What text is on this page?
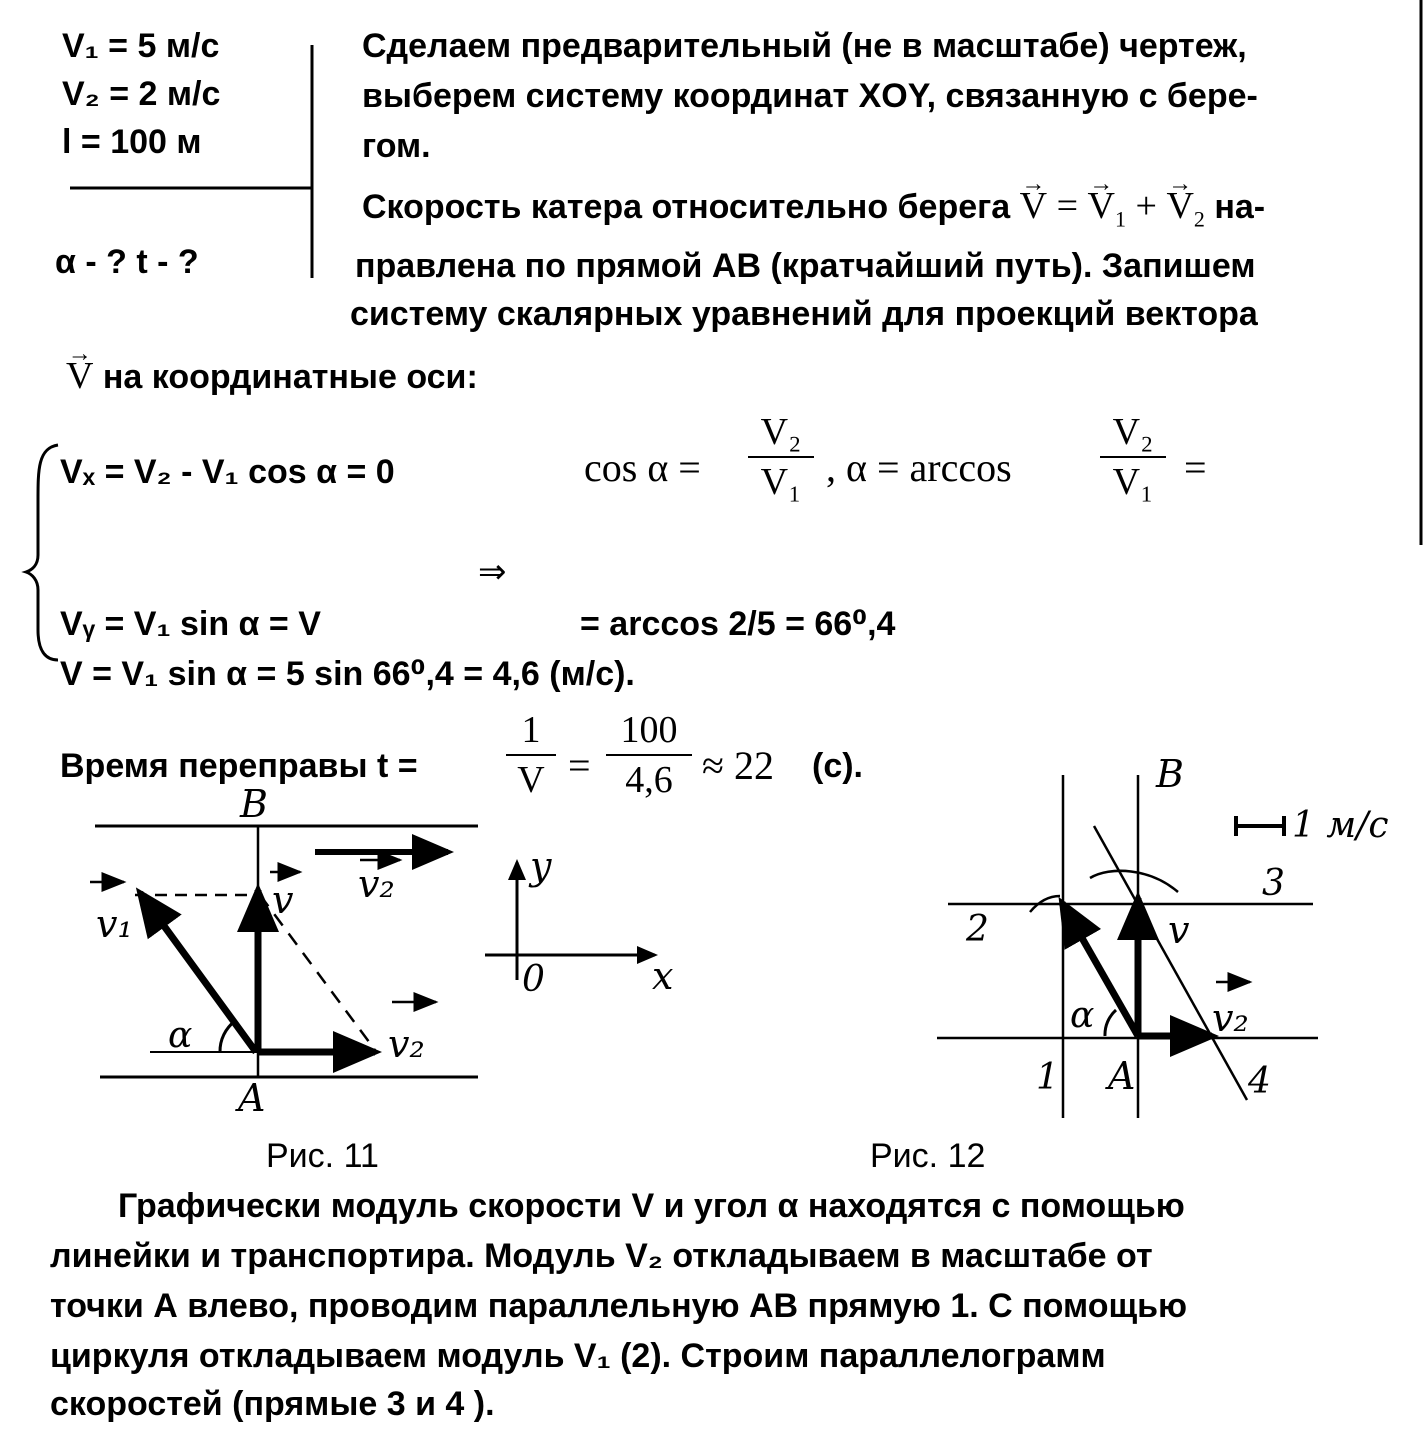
V₁ = 5 м/с
V₂ = 2 м/с
l = 100 м
α - ? t - ?
Сделаем предварительный (не в масштабе) чертеж,
выберем систему координат XOY, связанную с бере-
гом.
Скорость катера относительно берега → V = → $V_1$ + → $V_2$ на-
правлена по прямой АВ (кратчайший путь). Запишем
систему скалярных уравнений для проекций вектора
→ V на координатные оси:
Vₓ = V₂ - V₁ cos α = 0
Vᵧ = V₁ sin α = V
cos α =
V₂
V₁ , α = arccos
V₂
V₁ =
⇒
= arccos 2/5 = 66⁰,4
V = V₁ sin α = 5 sin 66⁰,4 = 4,6 (м/с).
Время переправы t =
1
V =
100
4,6 ≈ 22 (с).
B
v₁
v v₂
α	v₂
A
Рис. 11
y
0	x
B
1 м/с
3
2	v
α	v₂
1 A	4
Рис. 12
Графически модуль скорости V и угол α находятся с помощью
линейки и транспортира. Модуль V₂ откладываем в масштабе от
точки А влево, проводим параллельную АВ прямую 1. С помощью
циркуля откладываем модуль V₁ (2). Строим параллелограмм
скоростей (прямые 3 и 4 ).
